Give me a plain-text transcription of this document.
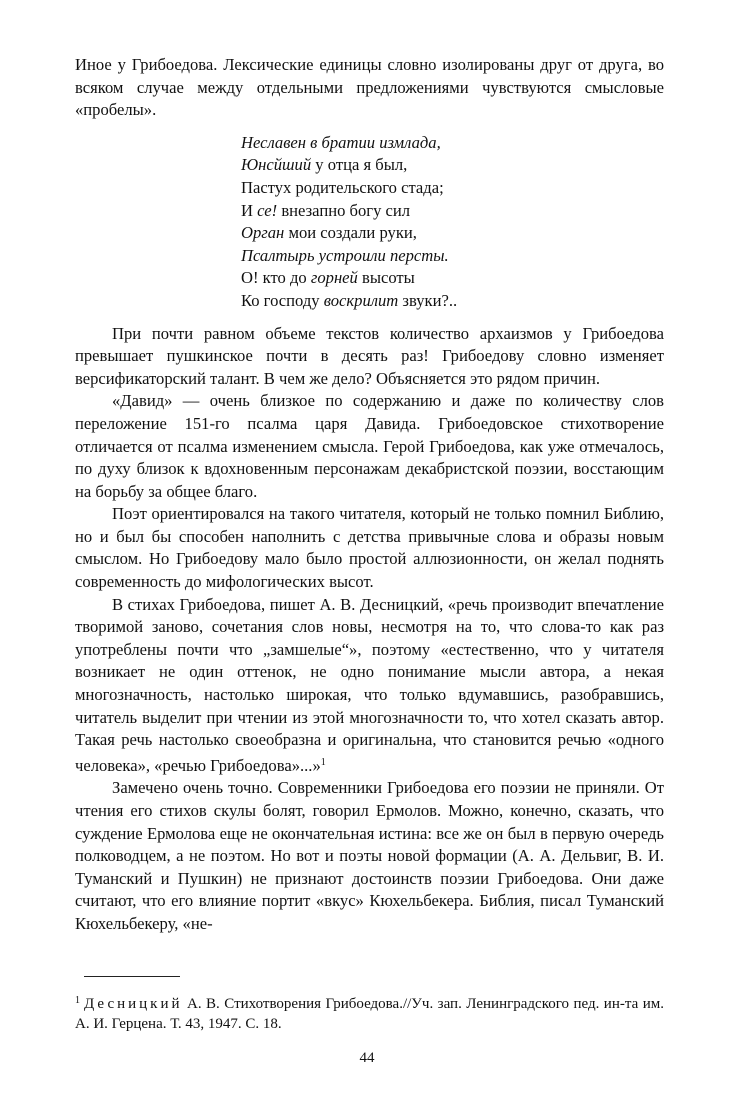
Иное у Грибоедова. Лексические единицы словно изолированы друг от друга, во всяком случае между отдельными предложениями чувствуются смысловые «пробелы».

Неславен в братии измлада,
Юнсйший у отца я был,
Пастух родительского стада;
И се! внезапно богу сил
Орган мои создали руки,
Псалтырь устроили персты.
О! кто до горней высоты
Ко господу воскрилит звуки?..

При почти равном объеме текстов количество архаизмов у Грибоедова превышает пушкинское почти в десять раз! Грибоедову словно изменяет версификаторский талант. В чем же дело? Объясняется это рядом причин.

«Давид» — очень близкое по содержанию и даже по количеству слов переложение 151-го псалма царя Давида. Грибоедовское стихотворение отличается от псалма изменением смысла. Герой Грибоедова, как уже отмечалось, по духу близок к вдохновенным персонажам декабристской поэзии, восстающим на борьбу за общее благо.

Поэт ориентировался на такого читателя, который не только помнил Библию, но и был бы способен наполнить с детства привычные слова и образы новым смыслом. Но Грибоедову мало было простой аллюзионности, он желал поднять современность до мифологических высот.

В стихах Грибоедова, пишет А. В. Десницкий, «речь производит впечатление творимой заново, сочетания слов новы, несмотря на то, что слова-то как раз употреблены почти что „замшелые“», поэтому «естественно, что у читателя возникает не один оттенок, не одно понимание мысли автора, а некая многозначность, настолько широкая, что только вдумавшись, разобравшись, читатель выделит при чтении из этой многозначности то, что хотел сказать автор. Такая речь настолько своеобразна и оригинальна, что становится речью «одного человека», «речью Грибоедова»...»$^1$

Замечено очень точно. Современники Грибоедова его поэзии не приняли. От чтения его стихов скулы болят, говорил Ермолов. Можно, конечно, сказать, что суждение Ермолова еще не окончательная истина: все же он был в первую очередь полководцем, а не поэтом. Но вот и поэты новой формации (А. А. Дельвиг, В. И. Туманский и Пушкин) не признают достоинств поэзии Грибоедова. Они даже считают, что его влияние портит «вкус» Кюхельбекера. Библия, писал Туманский Кюхельбекеру, «не-

$^1$ Десницкий А. В. Стихотворения Грибоедова.//Уч. зап. Ленинградского пед. ин-та им. А. И. Герцена. Т. 43, 1947. С. 18.
44
